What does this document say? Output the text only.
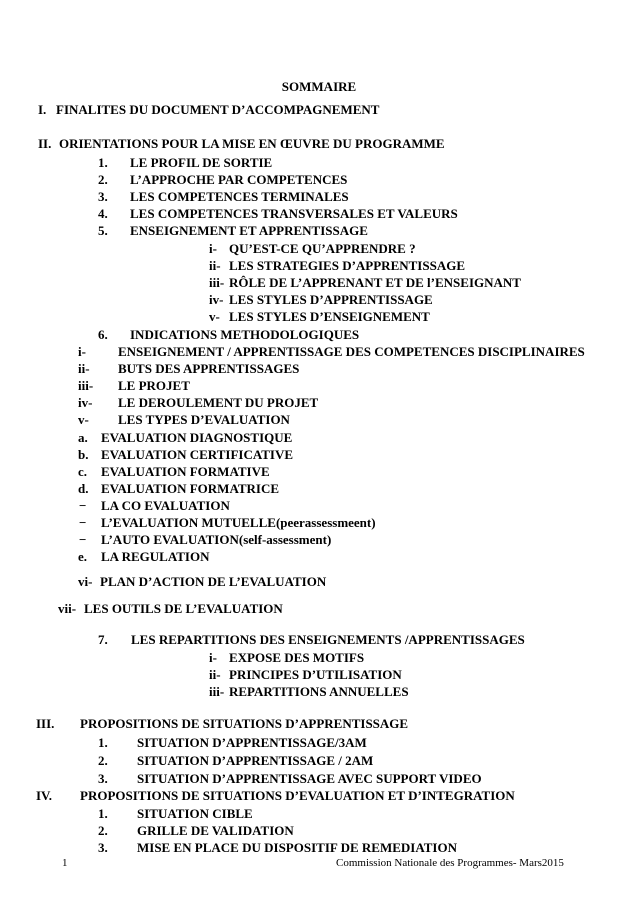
SOMMAIRE
I. FINALITES DU DOCUMENT D’ACCOMPAGNEMENT
II. ORIENTATIONS POUR LA MISE EN ŒUVRE DU PROGRAMME
1. LE PROFIL DE SORTIE
2. L’APPROCHE PAR COMPETENCES
3. LES COMPETENCES TERMINALES
4. LES COMPETENCES TRANSVERSALES ET VALEURS
5. ENSEIGNEMENT ET APPRENTISSAGE
i- QU’EST-CE QU’APPRENDRE ?
ii- LES STRATEGIES D’APPRENTISSAGE
iii- RÔLE DE L’APPRENANT ET DE l’ENSEIGNANT
iv- LES STYLES D’APPRENTISSAGE
v- LES STYLES D’ENSEIGNEMENT
6. INDICATIONS METHODOLOGIQUES
i- ENSEIGNEMENT / APPRENTISSAGE DES COMPETENCES DISCIPLINAIRES
ii- BUTS DES APPRENTISSAGES
iii- LE PROJET
iv- LE DEROULEMENT DU PROJET
v- LES TYPES D’EVALUATION
a. EVALUATION DIAGNOSTIQUE
b. EVALUATION CERTIFICATIVE
c. EVALUATION FORMATIVE
d. EVALUATION FORMATRICE
− LA CO EVALUATION
− L’EVALUATION MUTUELLE(peerassessmeent)
− L’AUTO EVALUATION(self-assessment)
e. LA REGULATION
vi- PLAN D’ACTION DE L’EVALUATION
vii- LES OUTILS DE L’EVALUATION
7. LES REPARTITIONS DES ENSEIGNEMENTS /APPRENTISSAGES
i- EXPOSE DES MOTIFS
ii- PRINCIPES D’UTILISATION
iii- REPARTITIONS ANNUELLES
III. PROPOSITIONS DE SITUATIONS D’APPRENTISSAGE
1. SITUATION D’APPRENTISSAGE/3AM
2. SITUATION D’APPRENTISSAGE / 2AM
3. SITUATION D’APPRENTISSAGE AVEC SUPPORT VIDEO
IV. PROPOSITIONS DE SITUATIONS D’EVALUATION ET D’INTEGRATION
1. SITUATION CIBLE
2. GRILLE DE VALIDATION
3. MISE EN PLACE DU DISPOSITIF DE REMEDIATION
1	Commission Nationale des Programmes- Mars2015
